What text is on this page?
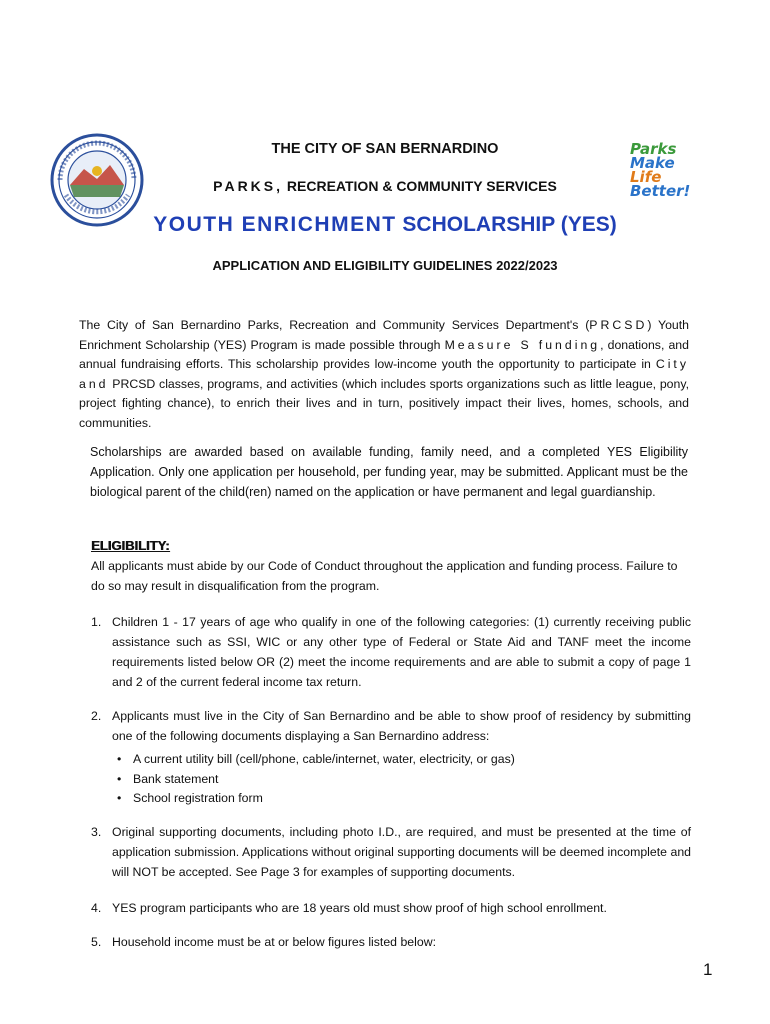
Parks
Make
Life
Better!
THE CITY OF SAN BERNARDINO
PARKS, RECREATION & COMMUNITY SERVICES
YOUTH ENRICHMENT SCHOLARSHIP (YES)
APPLICATION AND ELIGIBILITY GUIDELINES 2022/2023
The City of San Bernardino Parks, Recreation and Community Services Department's (PRCSD) Youth Enrichment Scholarship (YES) Program is made possible through Measure S funding, donations, and annual fundraising efforts. This scholarship provides low-income youth the opportunity to participate in City and PRCSD classes, programs, and activities (which includes sports organizations such as little league, pony, project fighting chance), to enrich their lives and in turn, positively impact their lives, homes, schools, and communities.
Scholarships are awarded based on available funding, family need, and a completed YES Eligibility Application. Only one application per household, per funding year, may be submitted. Applicant must be the biological parent of the child(ren) named on the application or have permanent and legal guardianship.
ELIGIBILITY:
All applicants must abide by our Code of Conduct throughout the application and funding process. Failure to do so may result in disqualification from the program.
1. Children 1 - 17 years of age who qualify in one of the following categories: (1) currently receiving public assistance such as SSI, WIC or any other type of Federal or State Aid and TANF meet the income requirements listed below OR (2) meet the income requirements and are able to submit a copy of page 1 and 2 of the current federal income tax return.
2. Applicants must live in the City of San Bernardino and be able to show proof of residency by submitting one of the following documents displaying a San Bernardino address:
• A current utility bill (cell/phone, cable/internet, water, electricity, or gas)
• Bank statement
• School registration form
3. Original supporting documents, including photo I.D., are required, and must be presented at the time of application submission. Applications without original supporting documents will be deemed incomplete and will NOT be accepted. See Page 3 for examples of supporting documents.
4. YES program participants who are 18 years old must show proof of high school enrollment.
5. Household income must be at or below figures listed below:
1
